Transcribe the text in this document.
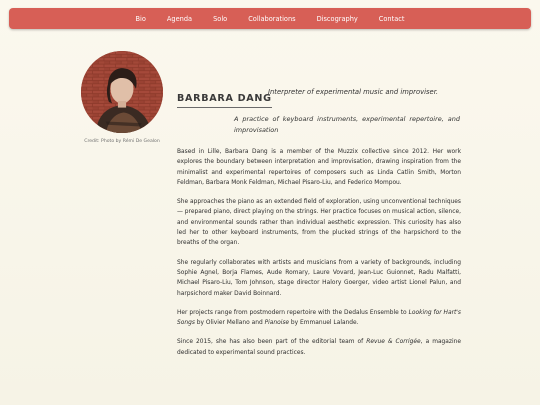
Bio	Agenda	Solo	Collaborations	Discography	Contact
Credit: Photo by Rémi De Gealon
BARBARA DANG
Interpreter of experimental music and improviser.
A practice of keyboard instruments, experimental repertoire, and improvisation

Based in Lille, Barbara Dang is a member of the Muzzix collective since 2012. Her work explores the boundary between interpretation and improvisation, drawing inspiration from the minimalist and experimental repertoires of composers such as Linda Catlin Smith, Morton Feldman, Barbara Monk Feldman, Michael Pisaro-Liu, and Federico Mompou.

She approaches the piano as an extended field of exploration, using unconventional techniques — prepared piano, direct playing on the strings. Her practice focuses on musical action, silence, and environmental sounds rather than individual aesthetic expression. This curiosity has also led her to other keyboard instruments, from the plucked strings of the harpsichord to the breaths of the organ.

She regularly collaborates with artists and musicians from a variety of backgrounds, including Sophie Agnel, Borja Flames, Aude Romary, Laure Vovard, Jean-Luc Guionnet, Radu Malfatti, Michael Pisaro-Liu, Tom Johnson, stage director Halory Goerger, video artist Lionel Palun, and harpsichord maker David Boinnard.

Her projects range from postmodern repertoire with the Dedalus Ensemble to Looking for Hart's Songs by Olivier Mellano and Pianoise by Emmanuel Lalande.

Since 2015, she has also been part of the editorial team of Revue & Corrigée, a magazine dedicated to experimental sound practices.
